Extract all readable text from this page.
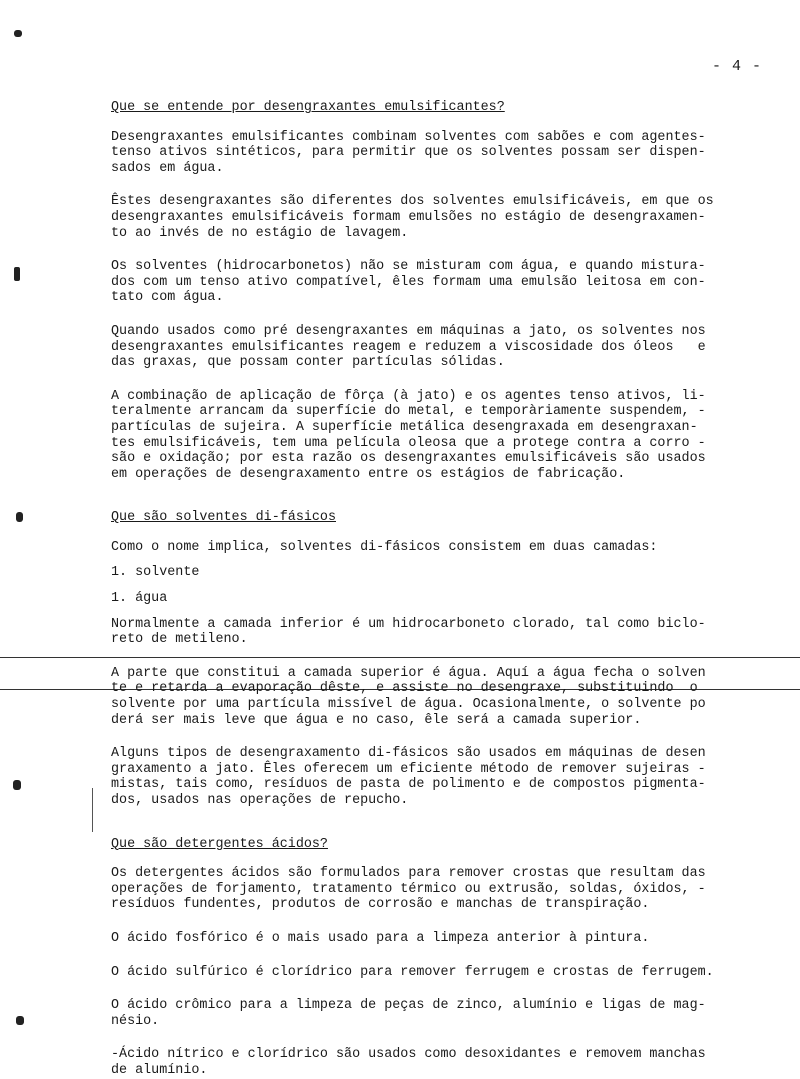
- 4 -

Que se entende por desengraxantes emulsificantes?

Desengraxantes emulsificantes combinam solventes com sabões e com agentes-

tenso ativos sintéticos, para permitir que os solventes possam ser dispen-

sados em água.

Êstes desengraxantes são diferentes dos solventes emulsificáveis, em que os

desengraxantes emulsificáveis formam emulsões no estágio de desengraxamen-

to ao invés de no estágio de lavagem.

Os solventes (hidrocarbonetos) não se misturam com água, e quando mistura-

dos com um tenso ativo compatível, êles formam uma emulsão leitosa em con-

tato com água.

Quando usados como pré desengraxantes em máquinas a jato, os solventes nos

desengraxantes emulsificantes reagem e reduzem a viscosidade dos óleos   e

das graxas, que possam conter partículas sólidas.

A combinação de aplicação de fôrça (à jato) e os agentes tenso ativos, li-

teralmente arrancam da superfície do metal, e temporàriamente suspendem, -

partículas de sujeira. A superfície metálica desengraxada em desengraxan-

tes emulsificáveis, tem uma película oleosa que a protege contra a corro -

são e oxidação; por esta razão os desengraxantes emulsificáveis são usados

em operações de desengraxamento entre os estágios de fabricação.

Que são solventes di-fásicos

Como o nome implica, solventes di-fásicos consistem em duas camadas:

1. solvente

1. água

Normalmente a camada inferior é um hidrocarboneto clorado, tal como biclo-

reto de metileno.

A parte que constitui a camada superior é água. Aquí a água fecha o solven

te e retarda a evaporação dêste, e assiste no desengraxe, substituindo  o

solvente por uma partícula missível de água. Ocasionalmente, o solvente po

derá ser mais leve que água e no caso, êle será a camada superior.

Alguns tipos de desengraxamento di-fásicos são usados em máquinas de desen

graxamento a jato. Êles oferecem um eficiente método de remover sujeiras -

mistas, tais como, resíduos de pasta de polimento e de compostos pigmenta-

dos, usados nas operações de repucho.

Que são detergentes ácidos?

Os detergentes ácidos são formulados para remover crostas que resultam das

operações de forjamento, tratamento térmico ou extrusão, soldas, óxidos, -

resíduos fundentes, produtos de corrosão e manchas de transpiração.

O ácido fosfórico é o mais usado para a limpeza anterior à pintura.

O ácido sulfúrico é clorídrico para remover ferrugem e crostas de ferrugem.

O ácido crômico para a limpeza de peças de zinco, alumínio e ligas de mag-

nésio.

-Ácido nítrico e clorídrico são usados como desoxidantes e removem manchas

de alumínio.
